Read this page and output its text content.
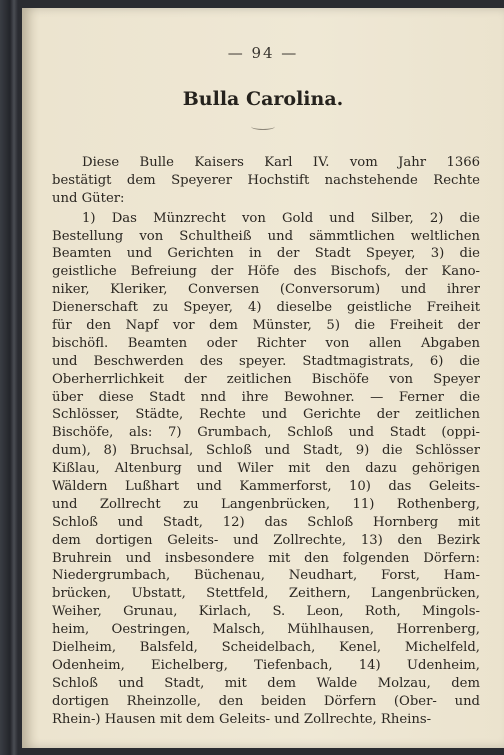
— 94 —
Bulla Carolina.
Diese Bulle Kaisers Karl IV. vom Jahr 1366
bestätigt dem Speyerer Hochstift nachstehende Rechte
und Güter:
1) Das Münzrecht von Gold und Silber, 2) die
Bestellung von Schultheiß und sämmtlichen weltlichen
Beamten und Gerichten in der Stadt Speyer, 3) die
geistliche Befreiung der Höfe des Bischofs, der Kano-
niker, Kleriker, Conversen (Conversorum) und ihrer
Dienerschaft zu Speyer, 4) dieselbe geistliche Freiheit
für den Napf vor dem Münster, 5) die Freiheit der
bischöfl. Beamten oder Richter von allen Abgaben
und Beschwerden des speyer. Stadtmagistrats, 6) die
Oberherrlichkeit der zeitlichen Bischöfe von Speyer
über diese Stadt nnd ihre Bewohner. — Ferner die
Schlösser, Städte, Rechte und Gerichte der zeitlichen
Bischöfe, als: 7) Grumbach, Schloß und Stadt (oppi-
dum), 8) Bruchsal, Schloß und Stadt, 9) die Schlösser
Kißlau, Altenburg und Wiler mit den dazu gehörigen
Wäldern Lußhart und Kammerforst, 10) das Geleits-
und Zollrecht zu Langenbrücken, 11) Rothenberg,
Schloß und Stadt, 12) das Schloß Hornberg mit
dem dortigen Geleits- und Zollrechte, 13) den Bezirk
Bruhrein und insbesondere mit den folgenden Dörfern:
Niedergrumbach, Büchenau, Neudhart, Forst, Ham-
brücken, Ubstatt, Stettfeld, Zeithern, Langenbrücken,
Weiher, Grunau, Kirlach, S. Leon, Roth, Mingols-
heim, Oestringen, Malsch, Mühlhausen, Horrenberg,
Dielheim, Balsfeld, Scheidelbach, Kenel, Michelfeld,
Odenheim, Eichelberg, Tiefenbach, 14) Udenheim,
Schloß und Stadt, mit dem Walde Molzau, dem
dortigen Rheinzolle, den beiden Dörfern (Ober- und
Rhein-) Hausen mit dem Geleits- und Zollrechte, Rheins-
